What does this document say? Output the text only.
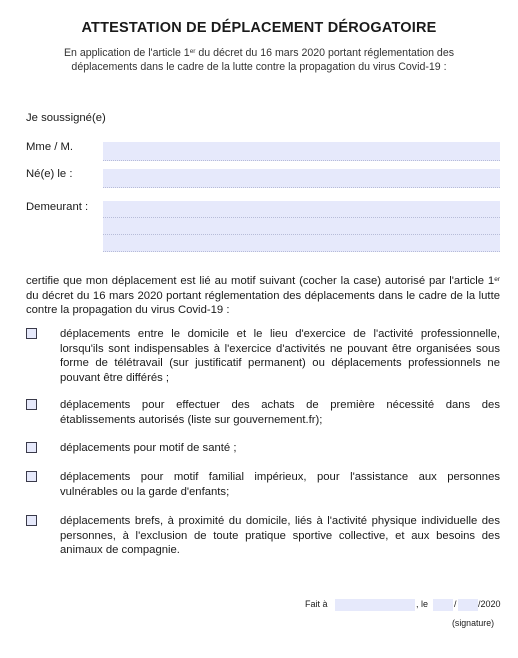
ATTESTATION DE DÉPLACEMENT DÉROGATOIRE
En application de l'article 1er du décret du 16 mars 2020 portant réglementation des déplacements dans le cadre de la lutte contre la propagation du virus Covid-19 :
Je soussigné(e)
Mme / M.
Né(e) le :
Demeurant :
certifie que mon déplacement est lié au motif suivant (cocher la case) autorisé par l'article 1er du décret du 16 mars 2020 portant réglementation des déplacements dans le cadre de la lutte contre la propagation du virus Covid-19 :
déplacements entre le domicile et le lieu d'exercice de l'activité professionnelle, lorsqu'ils sont indispensables à l'exercice d'activités ne pouvant être organisées sous forme de télétravail (sur justificatif permanent) ou déplacements professionnels ne pouvant être différés ;
déplacements pour effectuer des achats de première nécessité dans des établissements autorisés (liste sur gouvernement.fr);
déplacements pour motif de santé ;
déplacements pour motif familial impérieux, pour l'assistance aux personnes vulnérables ou la garde d'enfants;
déplacements brefs, à proximité du domicile, liés à l'activité physique individuelle des personnes, à l'exclusion de toute pratique sportive collective, et aux besoins des animaux de compagnie.
Fait à	, le	/ /2020
(signature)
